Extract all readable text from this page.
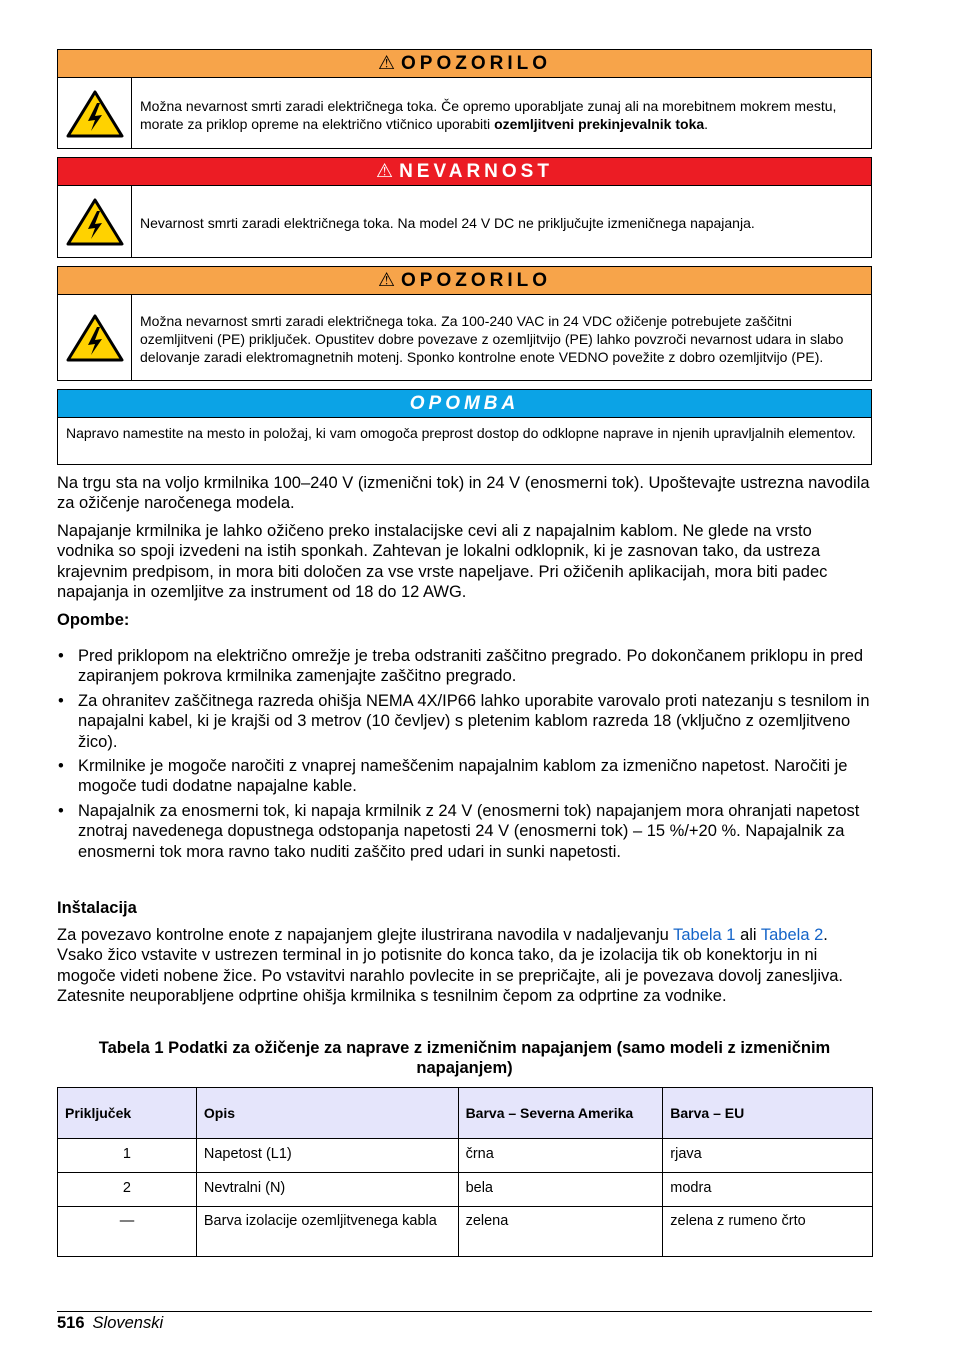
⚠ OPOZORILO
Možna nevarnost smrti zaradi električnega toka. Če opremo uporabljate zunaj ali na morebitnem mokrem mestu, morate za priklop opreme na električno vtičnico uporabiti ozemljitveni prekinjevalnik toka.
⚠ NEVARNOST
Nevarnost smrti zaradi električnega toka. Na model 24 V DC ne priključujte izmeničnega napajanja.
⚠ OPOZORILO
Možna nevarnost smrti zaradi električnega toka. Za 100-240 VAC in 24 VDC ožičenje potrebujete zaščitni ozemljitveni (PE) priključek. Opustitev dobre povezave z ozemljitvijo (PE) lahko povzroči nevarnost udara in slabo delovanje zaradi elektromagnetnih motenj. Sponko kontrolne enote VEDNO povežite z dobro ozemljitvijo (PE).
OPOMBA
Napravo namestite na mesto in položaj, ki vam omogoča preprost dostop do odklopne naprave in njenih upravljalnih elementov.
Na trgu sta na voljo krmilnika 100–240 V (izmenični tok) in 24 V (enosmerni tok). Upoštevajte ustrezna navodila za ožičenje naročenega modela.
Napajanje krmilnika je lahko ožičeno preko instalacijske cevi ali z napajalnim kablom. Ne glede na vrsto vodnika so spoji izvedeni na istih sponkah. Zahtevan je lokalni odklopnik, ki je zasnovan tako, da ustreza krajevnim predpisom, in mora biti določen za vse vrste napeljave. Pri ožičenih aplikacijah, mora biti padec napajanja in ozemljitve za instrument od 18 do 12 AWG.
Opombe:
• Pred priklopom na električno omrežje je treba odstraniti zaščitno pregrado. Po dokončanem priklopu in pred zapiranjem pokrova krmilnika zamenjajte zaščitno pregrado.
• Za ohranitev zaščitnega razreda ohišja NEMA 4X/IP66 lahko uporabite varovalo proti natezanju s tesnilom in napajalni kabel, ki je krajši od 3 metrov (10 čevljev) s pletenim kablom razreda 18 (vključno z ozemljitveno žico).
• Krmilnike je mogoče naročiti z vnaprej nameščenim napajalnim kablom za izmenično napetost. Naročiti je mogoče tudi dodatne napajalne kable.
• Napajalnik za enosmerni tok, ki napaja krmilnik z 24 V (enosmerni tok) napajanjem mora ohranjati napetost znotraj navedenega dopustnega odstopanja napetosti 24 V (enosmerni tok) – 15 %/+20 %. Napajalnik za enosmerni tok mora ravno tako nuditi zaščito pred udari in sunki napetosti.
Inštalacija
Za povezavo kontrolne enote z napajanjem glejte ilustrirana navodila v nadaljevanju Tabela 1 ali Tabela 2. Vsako žico vstavite v ustrezen terminal in jo potisnite do konca tako, da je izolacija tik ob konektorju in ni mogoče videti nobene žice. Po vstavitvi narahlo povlecite in se prepričajte, ali je povezava dovolj zanesljiva. Zatesnite neuporabljene odprtine ohišja krmilnika s tesnilnim čepom za odprtine za vodnike.
Tabela 1 Podatki za ožičenje za naprave z izmeničnim napajanjem (samo modeli z izmeničnim napajanjem)
Priključek	Opis	Barva – Severna Amerika	Barva – EU
1	Napetost (L1)	črna	rjava
2	Nevtralni (N)	bela	modra
—	Barva izolacije ozemljitvenega kabla	zelena	zelena z rumeno črto
516 Slovenski
